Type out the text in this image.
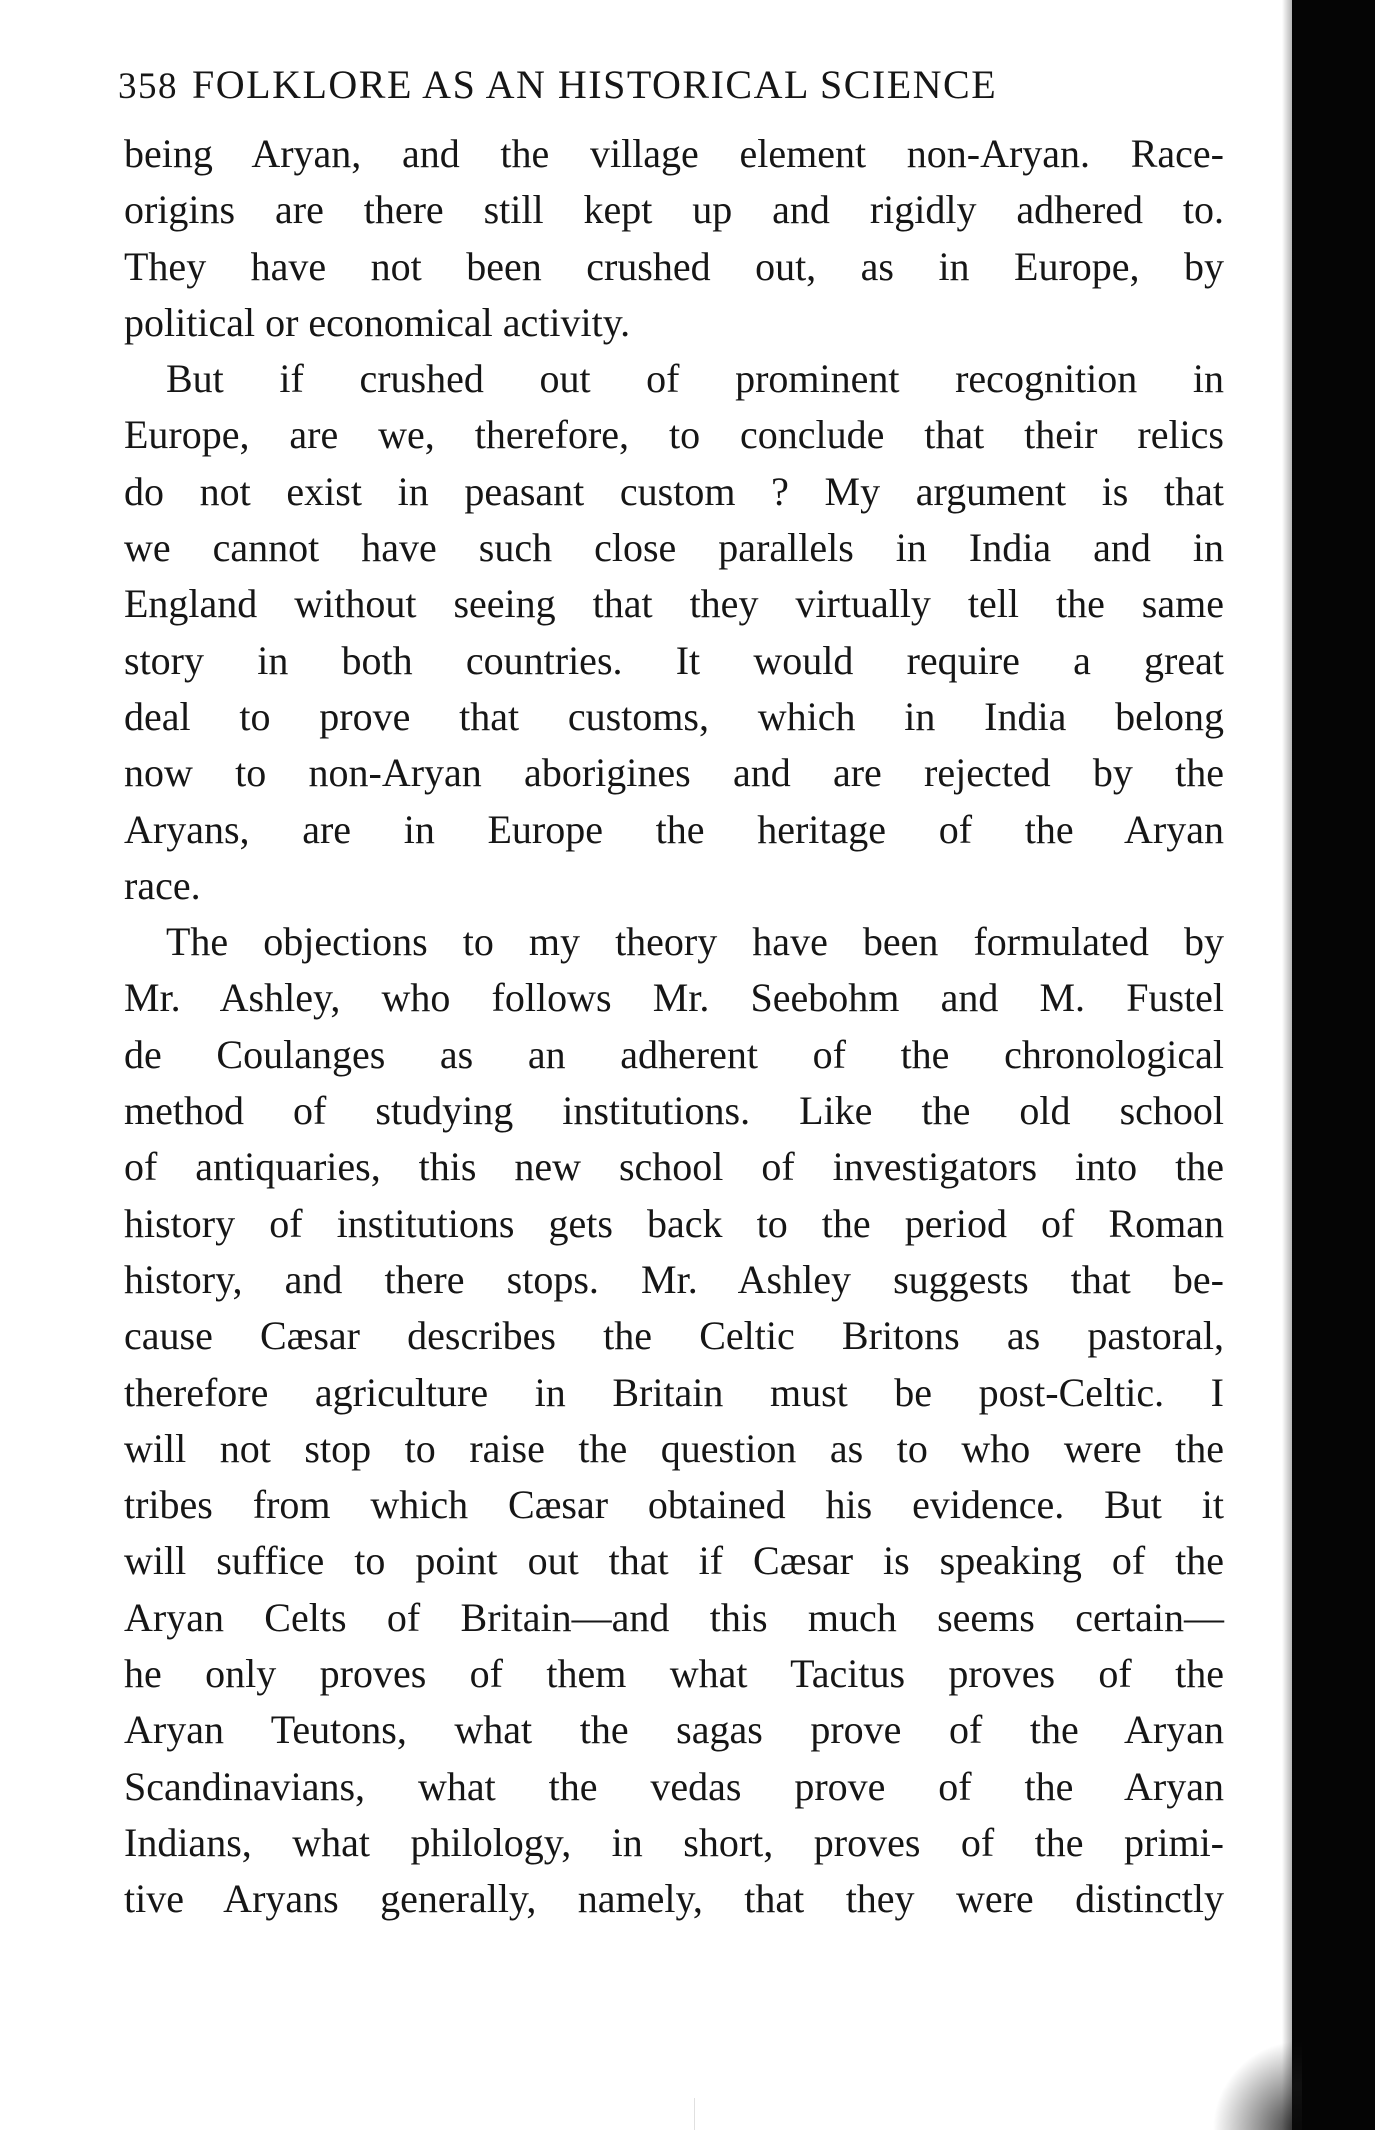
358 FOLKLORE AS AN HISTORICAL SCIENCE
being Aryan, and the village element non-Aryan. Race-
origins are there still kept up and rigidly adhered to.
They have not been crushed out, as in Europe, by
political or economical activity.
But if crushed out of prominent recognition in
Europe, are we, therefore, to conclude that their relics
do not exist in peasant custom ? My argument is that
we cannot have such close parallels in India and in
England without seeing that they virtually tell the same
story in both countries. It would require a great
deal to prove that customs, which in India belong
now to non-Aryan aborigines and are rejected by the
Aryans, are in Europe the heritage of the Aryan
race.
The objections to my theory have been formulated by
Mr. Ashley, who follows Mr. Seebohm and M. Fustel
de Coulanges as an adherent of the chronological
method of studying institutions. Like the old school
of antiquaries, this new school of investigators into the
history of institutions gets back to the period of Roman
history, and there stops. Mr. Ashley suggests that be-
cause Cæsar describes the Celtic Britons as pastoral,
therefore agriculture in Britain must be post-Celtic. I
will not stop to raise the question as to who were the
tribes from which Cæsar obtained his evidence. But it
will suffice to point out that if Cæsar is speaking of the
Aryan Celts of Britain—and this much seems certain—
he only proves of them what Tacitus proves of the
Aryan Teutons, what the sagas prove of the Aryan
Scandinavians, what the vedas prove of the Aryan
Indians, what philology, in short, proves of the primi-
tive Aryans generally, namely, that they were distinctly
